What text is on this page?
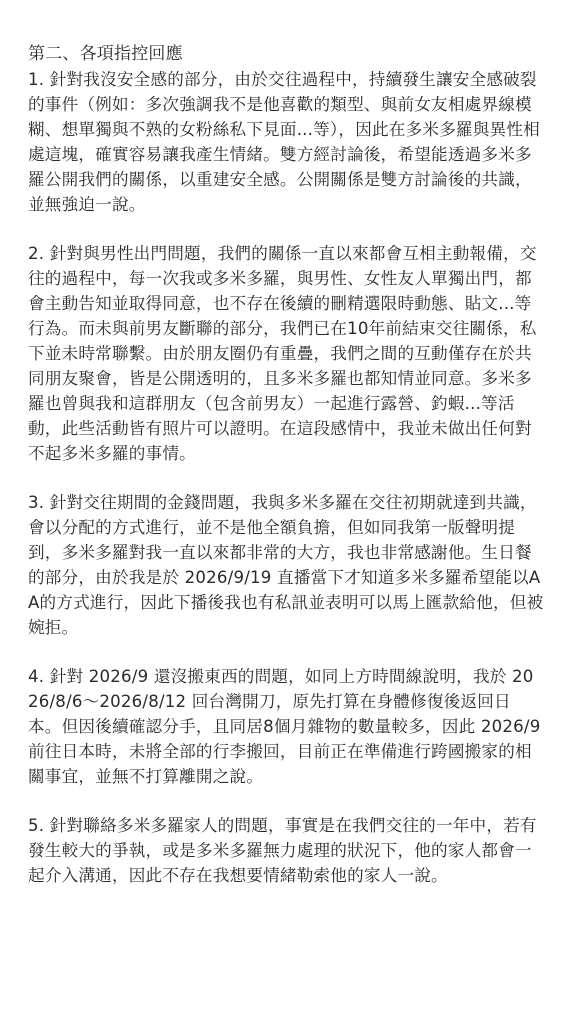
第二、各項指控回應

1. 針對我沒安全感的部分，由於交往過程中，持續發生讓安全感破裂的事件（例如：多次強調我不是他喜歡的類型、與前女友相處界線模糊、想單獨與不熟的女粉絲私下見面...等），因此在多米多羅與異性相處這塊，確實容易讓我產生情緒。雙方經討論後，希望能透過多米多羅公開我們的關係，以重建安全感。公開關係是雙方討論後的共識，並無強迫一說。

2. 針對與男性出門問題，我們的關係一直以來都會互相主動報備，交往的過程中，每一次我或多米多羅，與男性、女性友人單獨出門，都會主動告知並取得同意，也不存在後續的刪精選限時動態、貼文...等行為。而未與前男友斷聯的部分，我們已在10年前結束交往關係，私下並未時常聯繫。由於朋友圈仍有重疊，我們之間的互動僅存在於共同朋友聚會，皆是公開透明的，且多米多羅也都知情並同意。多米多羅也曾與我和這群朋友（包含前男友）一起進行露營、釣蝦...等活動，此些活動皆有照片可以證明。在這段感情中，我並未做出任何對不起多米多羅的事情。

3. 針對交往期間的金錢問題，我與多米多羅在交往初期就達到共識，會以分配的方式進行，並不是他全額負擔，但如同我第一版聲明提到，多米多羅對我一直以來都非常的大方，我也非常感謝他。生日餐的部分，由於我是於 2026/9/19 直播當下才知道多米多羅希望能以AA的方式進行，因此下播後我也有私訊並表明可以馬上匯款給他，但被婉拒。

4. 針對 2026/9 還沒搬東西的問題，如同上方時間線說明，我於 2026/8/6～2026/8/12 回台灣開刀，原先打算在身體修復後返回日本。但因後續確認分手，且同居8個月雜物的數量較多，因此 2026/9 前往日本時，未將全部的行李搬回，目前正在準備進行跨國搬家的相關事宜，並無不打算離開之說。

5. 針對聯絡多米多羅家人的問題，事實是在我們交往的一年中，若有發生較大的爭執，或是多米多羅無力處理的狀況下，他的家人都會一起介入溝通，因此不存在我想要情緒勒索他的家人一說。
